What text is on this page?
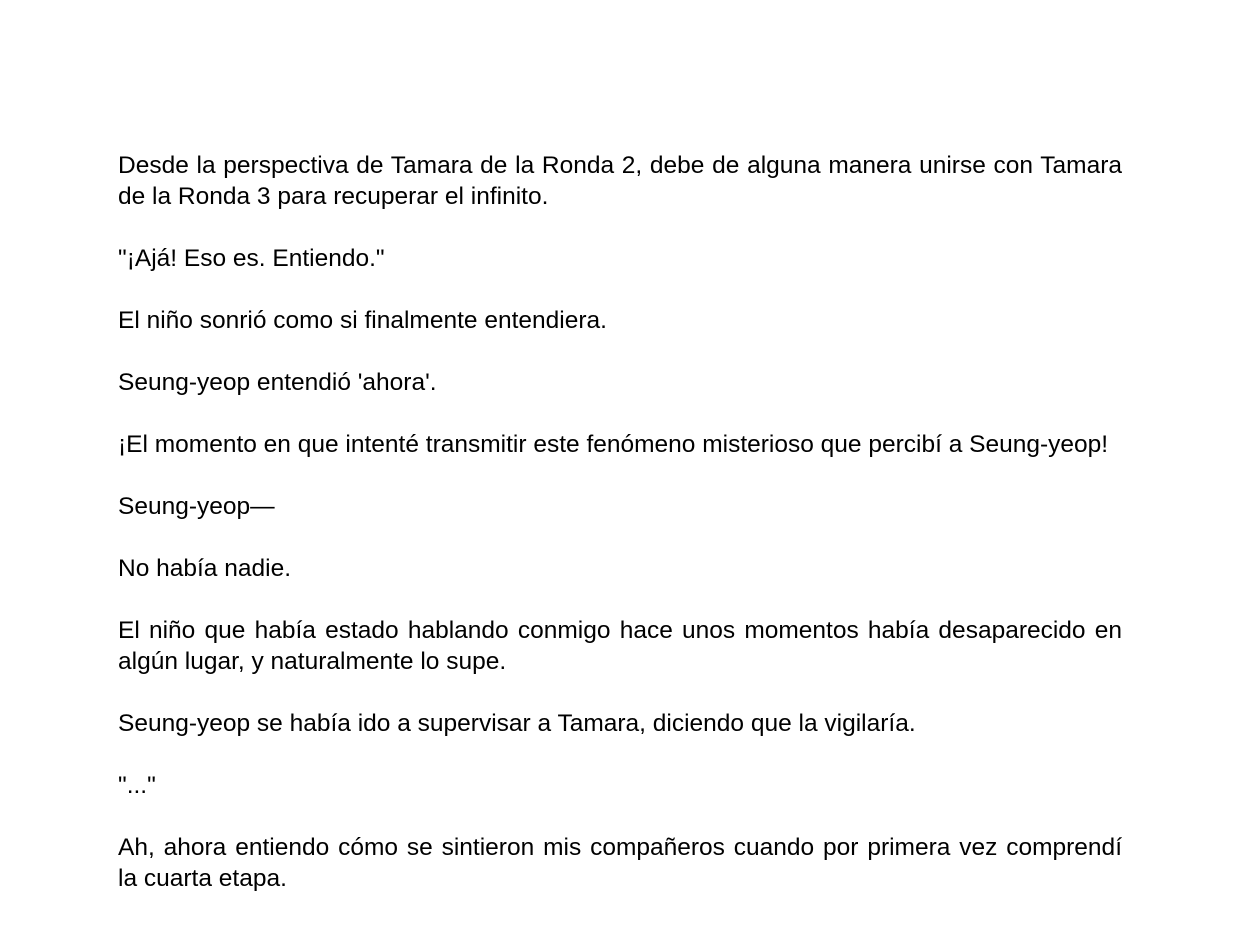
Desde la perspectiva de Tamara de la Ronda 2, debe de alguna manera unirse con Tamara de la Ronda 3 para recuperar el infinito.

"¡Ajá! Eso es. Entiendo."

El niño sonrió como si finalmente entendiera.

Seung-yeop entendió 'ahora'.

¡El momento en que intenté transmitir este fenómeno misterioso que percibí a Seung-yeop!

Seung-yeop—

No había nadie.

El niño que había estado hablando conmigo hace unos momentos había desaparecido en algún lugar, y naturalmente lo supe.

Seung-yeop se había ido a supervisar a Tamara, diciendo que la vigilaría.

"..."

Ah, ahora entiendo cómo se sintieron mis compañeros cuando por primera vez comprendí la cuarta etapa.
